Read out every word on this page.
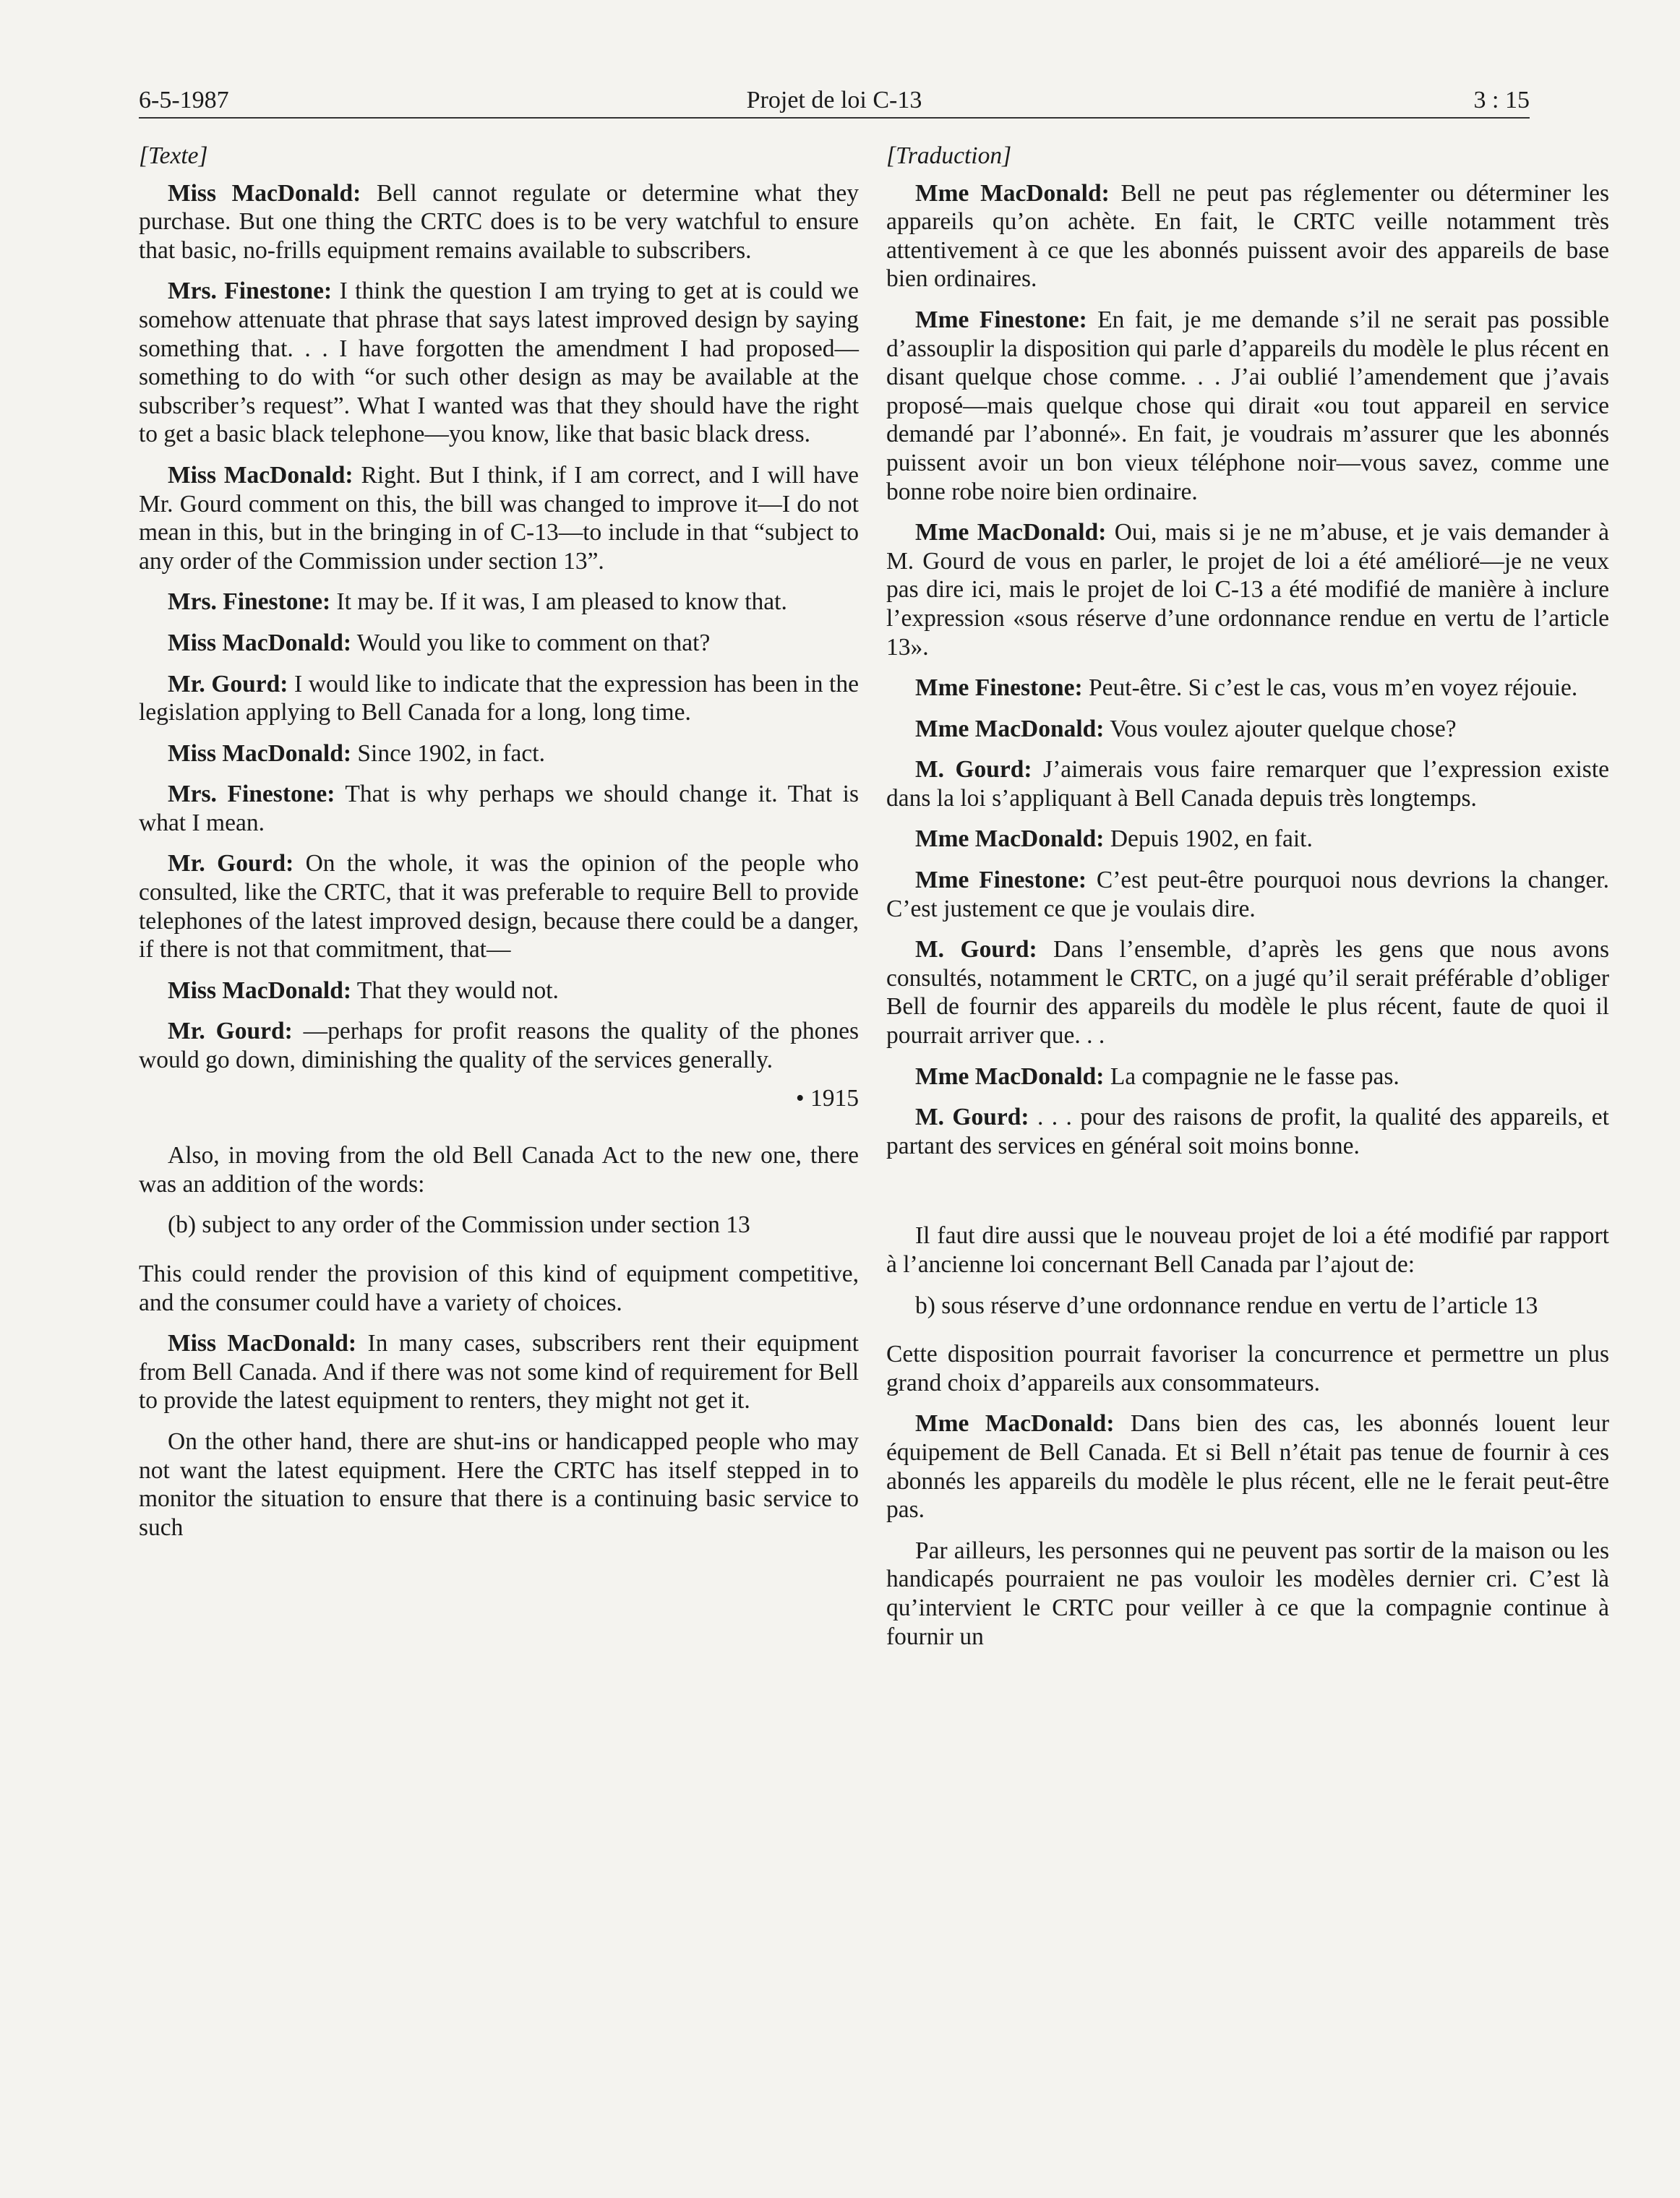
6-5-1987	Projet de loi C-13	3 : 15

[Texte]

Miss MacDonald: Bell cannot regulate or determine what they purchase. But one thing the CRTC does is to be very watchful to ensure that basic, no-frills equipment remains available to subscribers.

Mrs. Finestone: I think the question I am trying to get at is could we somehow attenuate that phrase that says latest improved design by saying something that. . . I have forgotten the amendment I had proposed—something to do with “or such other design as may be available at the subscriber’s request”. What I wanted was that they should have the right to get a basic black telephone—you know, like that basic black dress.

Miss MacDonald: Right. But I think, if I am correct, and I will have Mr. Gourd comment on this, the bill was changed to improve it—I do not mean in this, but in the bringing in of C-13—to include in that “subject to any order of the Commission under section 13”.

Mrs. Finestone: It may be. If it was, I am pleased to know that.

Miss MacDonald: Would you like to comment on that?

Mr. Gourd: I would like to indicate that the expression has been in the legislation applying to Bell Canada for a long, long time.

Miss MacDonald: Since 1902, in fact.

Mrs. Finestone: That is why perhaps we should change it. That is what I mean.

Mr. Gourd: On the whole, it was the opinion of the people who consulted, like the CRTC, that it was preferable to require Bell to provide telephones of the latest improved design, because there could be a danger, if there is not that commitment, that—

Miss MacDonald: That they would not.

Mr. Gourd: —perhaps for profit reasons the quality of the phones would go down, diminishing the quality of the services generally.

• 1915

Also, in moving from the old Bell Canada Act to the new one, there was an addition of the words:

(b) subject to any order of the Commission under section 13

This could render the provision of this kind of equipment competitive, and the consumer could have a variety of choices.

Miss MacDonald: In many cases, subscribers rent their equipment from Bell Canada. And if there was not some kind of requirement for Bell to provide the latest equipment to renters, they might not get it.

On the other hand, there are shut-ins or handicapped people who may not want the latest equipment. Here the CRTC has itself stepped in to monitor the situation to ensure that there is a continuing basic service to such

[Traduction]

Mme MacDonald: Bell ne peut pas réglementer ou déterminer les appareils qu’on achète. En fait, le CRTC veille notamment très attentivement à ce que les abonnés puissent avoir des appareils de base bien ordinaires.

Mme Finestone: En fait, je me demande s’il ne serait pas possible d’assouplir la disposition qui parle d’appareils du modèle le plus récent en disant quelque chose comme. . . J’ai oublié l’amendement que j’avais proposé—mais quelque chose qui dirait «ou tout appareil en service demandé par l’abonné». En fait, je voudrais m’assurer que les abonnés puissent avoir un bon vieux téléphone noir—vous savez, comme une bonne robe noire bien ordinaire.

Mme MacDonald: Oui, mais si je ne m’abuse, et je vais demander à M. Gourd de vous en parler, le projet de loi a été amélioré—je ne veux pas dire ici, mais le projet de loi C-13 a été modifié de manière à inclure l’expression «sous réserve d’une ordonnance rendue en vertu de l’article 13».

Mme Finestone: Peut-être. Si c’est le cas, vous m’en voyez réjouie.

Mme MacDonald: Vous voulez ajouter quelque chose?

M. Gourd: J’aimerais vous faire remarquer que l’expression existe dans la loi s’appliquant à Bell Canada depuis très longtemps.

Mme MacDonald: Depuis 1902, en fait.

Mme Finestone: C’est peut-être pourquoi nous devrions la changer. C’est justement ce que je voulais dire.

M. Gourd: Dans l’ensemble, d’après les gens que nous avons consultés, notamment le CRTC, on a jugé qu’il serait préférable d’obliger Bell de fournir des appareils du modèle le plus récent, faute de quoi il pourrait arriver que. . .

Mme MacDonald: La compagnie ne le fasse pas.

M. Gourd: . . . pour des raisons de profit, la qualité des appareils, et partant des services en général soit moins bonne.

Il faut dire aussi que le nouveau projet de loi a été modifié par rapport à l’ancienne loi concernant Bell Canada par l’ajout de:

b) sous réserve d’une ordonnance rendue en vertu de l’article 13

Cette disposition pourrait favoriser la concurrence et permettre un plus grand choix d’appareils aux consommateurs.

Mme MacDonald: Dans bien des cas, les abonnés louent leur équipement de Bell Canada. Et si Bell n’était pas tenue de fournir à ces abonnés les appareils du modèle le plus récent, elle ne le ferait peut-être pas.

Par ailleurs, les personnes qui ne peuvent pas sortir de la maison ou les handicapés pourraient ne pas vouloir les modèles dernier cri. C’est là qu’intervient le CRTC pour veiller à ce que la compagnie continue à fournir un
